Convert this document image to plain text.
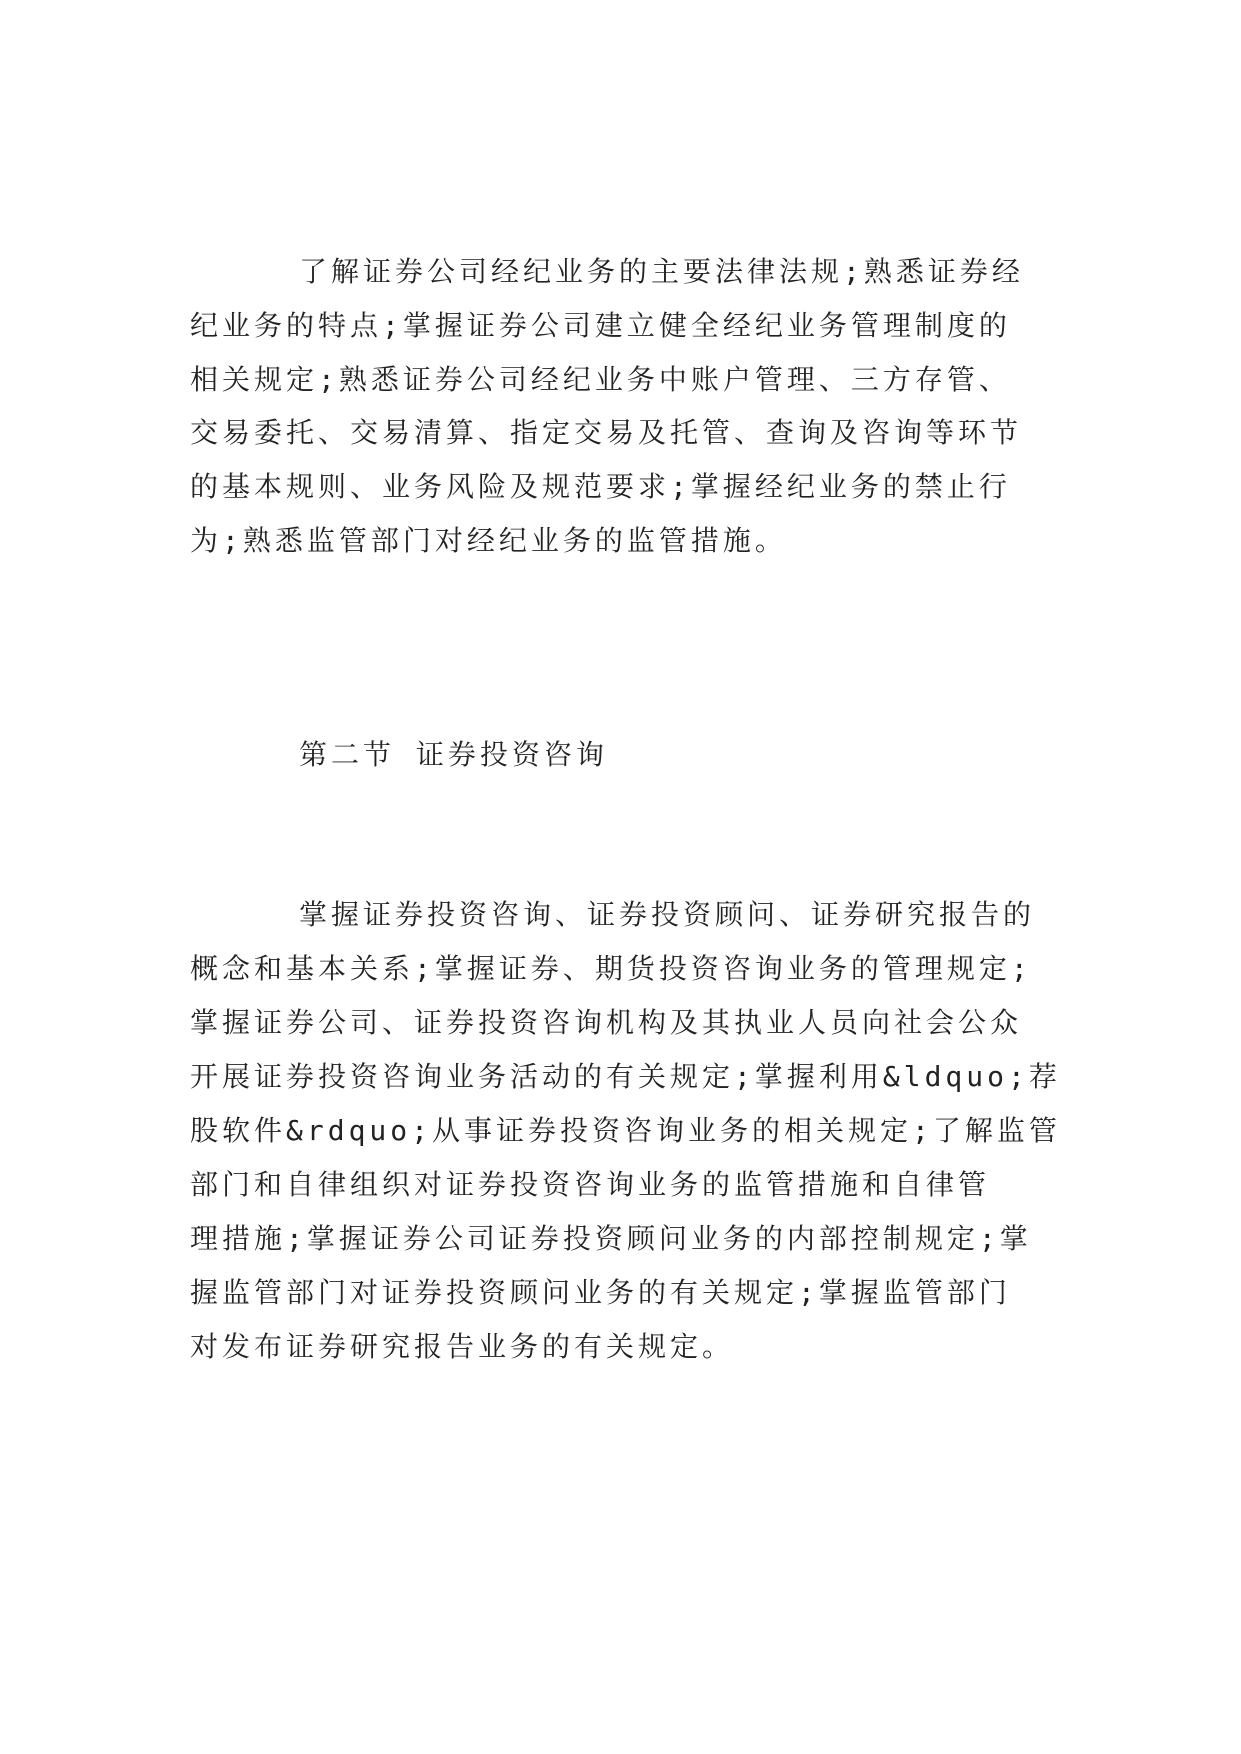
了解证券公司经纪业务的主要法律法规;熟悉证券经
纪业务的特点;掌握证券公司建立健全经纪业务管理制度的
相关规定;熟悉证券公司经纪业务中账户管理、三方存管、
交易委托、交易清算、指定交易及托管、查询及咨询等环节
的基本规则、业务风险及规范要求;掌握经纪业务的禁止行
为;熟悉监管部门对经纪业务的监管措施。
第二节 证券投资咨询
掌握证券投资咨询、证券投资顾问、证券研究报告的
概念和基本关系;掌握证券、期货投资咨询业务的管理规定;
掌握证券公司、证券投资咨询机构及其执业人员向社会公众
开展证券投资咨询业务活动的有关规定;掌握利用&ldquo;荐
股软件&rdquo;从事证券投资咨询业务的相关规定;了解监管
部门和自律组织对证券投资咨询业务的监管措施和自律管
理措施;掌握证券公司证券投资顾问业务的内部控制规定;掌
握监管部门对证券投资顾问业务的有关规定;掌握监管部门
对发布证券研究报告业务的有关规定。
